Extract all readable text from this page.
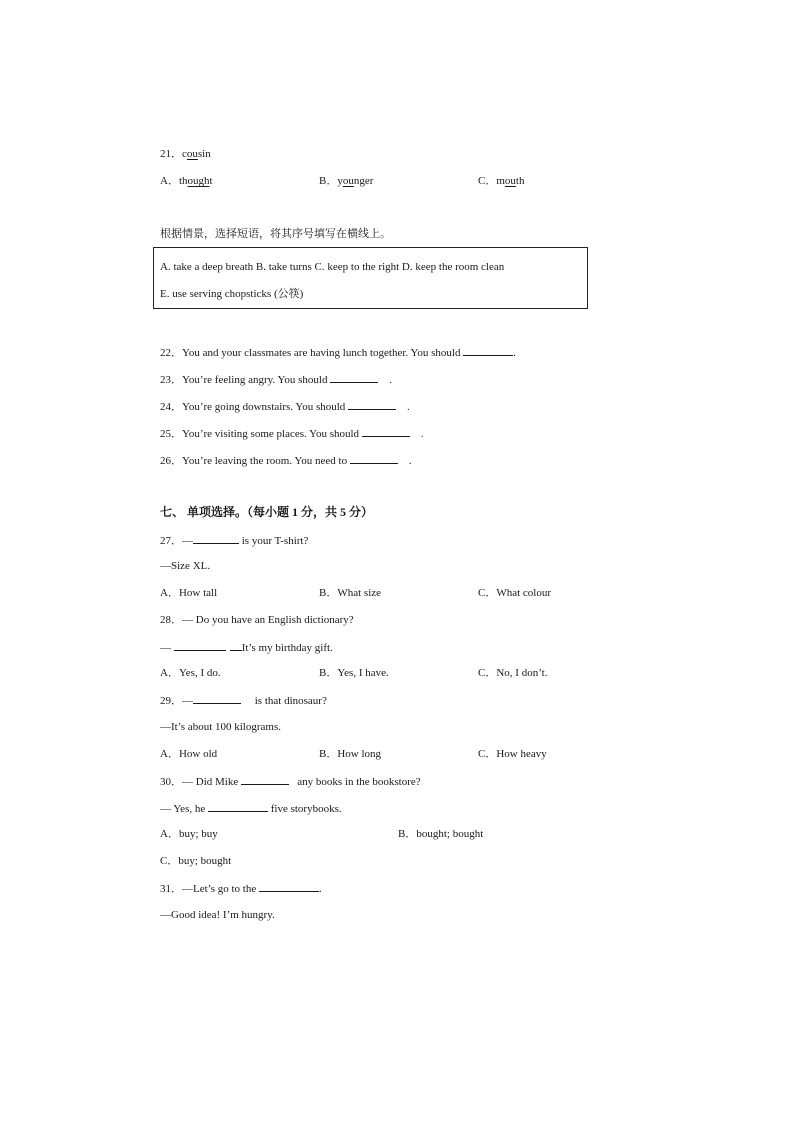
21．cousin
A．thought	B．younger	C．mouth
根据情景，选择短语，将其序号填写在横线上。
A. take a deep breath B. take turns C. keep to the right D. keep the room clean
E. use serving chopsticks (公筷)
22．You and your classmates are having lunch together. You should	.
23．You’re feeling angry. You should	.
24．You’re going downstairs. You should	.
25．You’re visiting some places. You should	.
26．You’re leaving the room. You need to	.
七、 单项选择。（每小题 1 分，共 5 分）
27．—	is your T-shirt?
—Size XL.
A．How tall	B．What size	C．What colour
28．— Do you have an English dictionary?
—	It’s my birthday gift.
A．Yes, I do.	B．Yes, I have.	C．No, I don’t.
29．—	is that dinosaur?
—It’s about 100 kilograms.
A．How old	B．How long	C．How heavy
30．— Did Mike	any books in the bookstore?
— Yes, he	five storybooks.
A．buy; buy	B．bought; bought
C．buy; bought
31．—Let’s go to the	.
—Good idea! I’m hungry.
